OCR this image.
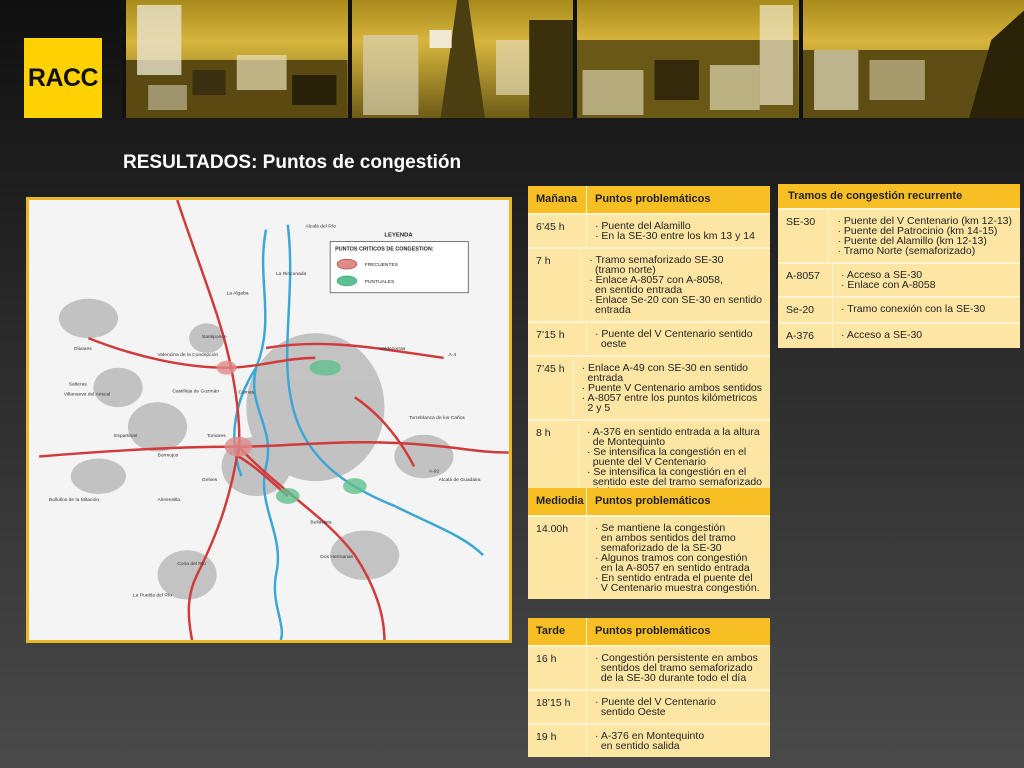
RACC
RESULTADOS: Puntos de congestión
LEYENDA
PUNTOS CRITICOS DE CONGESTION:
FRECUENTES
PUNTUALES
Alcalá del Río
La Rinconada
La Algaba
Santiponce
Olivares
Valencina de la Concepción
Castilleja de Guzmán	Camas
Salteras
Villanueva del Ariscal
Espartinas
Bormujos
Tomares
Valdezorras
Torreblanca de los Caños
Alcalá de Guadaira
Bollullos de la Mitación	Almensilla
Coria del Río
La Puebla del Río
Dos Hermanas
Bellavista
Gelves
A-4
A-92
Mañana	Puntos problemáticos
6’45 h	· Puente del Alamillo
· En la SE-30 entre los km 13 y 14
7 h	· Tramo semaforizado SE-30
(tramo norte)
· Enlace A-8057 con A-8058,
en sentido entrada
· Enlace Se-20 con SE-30 en sentido
entrada
7’15 h	· Puente del V Centenario sentido
oeste
7’45 h	· Enlace A-49 con SE-30 en sentido
entrada
· Puente V Centenario ambos sentidos
· A-8057 entre los puntos kilómetricos
2 y 5
8 h	· A-376 en sentido entrada a la altura
de Montequinto
· Se intensifica la congestión en el
puente del V Centenario
· Se intensifica la congestión en el
sentido este del tramo semaforizado
Mediodia	Puntos problemáticos
14.00h	· Se mantiene la congestión
en ambos sentidos del tramo
semaforizado de la SE-30
· Algunos tramos con congestión
en la A-8057 en sentido entrada
· En sentido entrada el puente del
V Centenario muestra congestión.
Tarde	Puntos problemáticos
16 h	· Congestión persistente en ambos
sentidos del tramo semaforizado
de la SE-30 durante todo el día
18’15 h	· Puente del V Centenario
sentido Oeste
19 h	· A-376 en Montequinto
en sentido salida
Tramos de congestión recurrente
SE-30	· Puente del V Centenario (km 12-13)
· Puente del Patrocinio (km 14-15)
· Puente del Alamillo (km 12-13)
· Tramo Norte (semaforizado)
A-8057	· Acceso a SE-30
· Enlace con A-8058
Se-20	· Tramo conexión con la SE-30
A-376	· Acceso a SE-30
